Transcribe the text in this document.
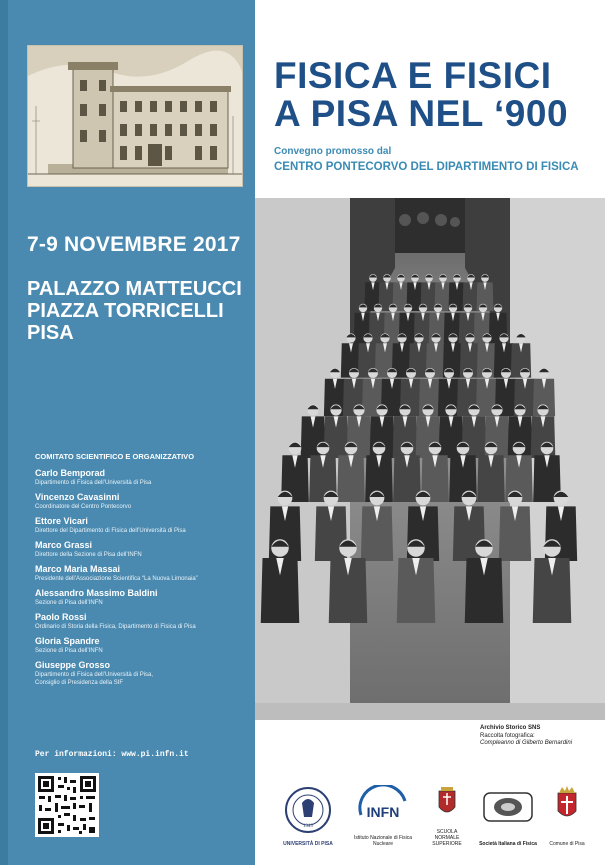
7-9 NOVEMBRE 2017
PALAZZO MATTEUCCI
PIAZZA TORRICELLI
PISA
COMITATO SCIENTIFICO E ORGANIZZATIVO
Carlo Bemporad
Dipartimento di Fisica dell’Università di Pisa
Vincenzo Cavasinni
Coordinatore del Centro Pontecorvo
Ettore Vicari
Direttore del Dipartimento di Fisica dell’Università di Pisa
Marco Grassi
Direttore della Sezione di Pisa dell’INFN
Marco Maria Massai
Presidente dell’Associazione Scientifica “La Nuova Limonaia”
Alessandro Massimo Baldini
Sezione di Pisa dell’INFN
Paolo Rossi
Ordinario di Storia della Fisica, Dipartimento di Fisica di Pisa
Gloria Spandre
Sezione di Pisa dell’INFN
Giuseppe Grosso
Dipartimento di Fisica dell’Università di Pisa,
Consiglio di Presidenza della SIF
Per informazioni: www.pi.infn.it
FISICA E FISICI
A PISA NEL ‘900
Convegno promosso dal
CENTRO PONTECORVO DEL DIPARTIMENTO DI FISICA
Archivio Storico SNS
Raccolta fotografica:
Compleanno di Gilberto Bernardini
1343
UNIVERSITÀ DI PISA
INFN
Istituto Nazionale di Fisica Nucleare
SCUOLA NORMALE SUPERIORE	Società Italiana di Fisica	Comune di Pisa
